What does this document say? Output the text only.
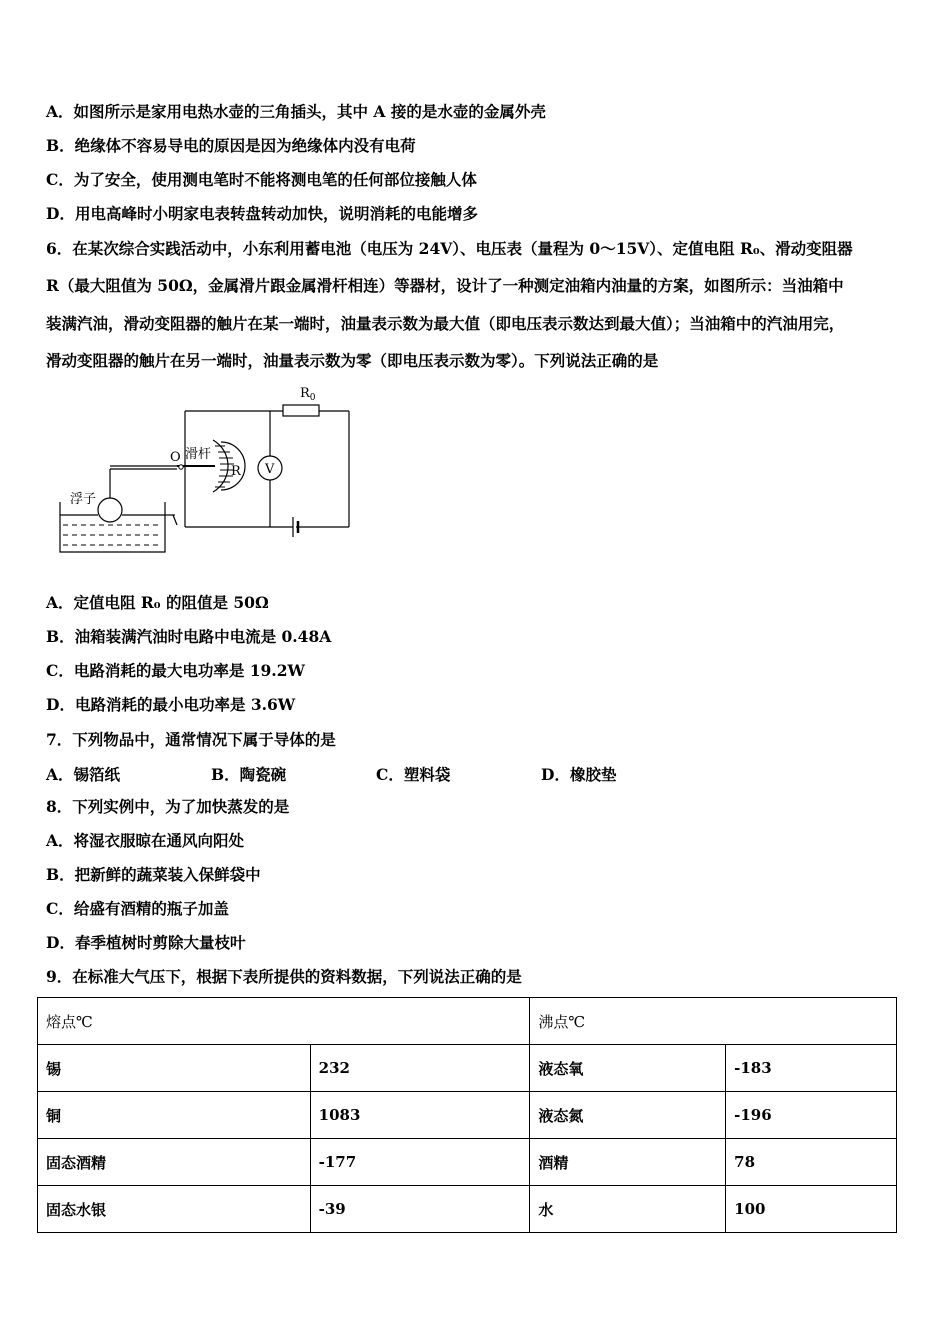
A．如图所示是家用电热水壶的三角插头，其中 A 接的是水壶的金属外壳
B．绝缘体不容易导电的原因是因为绝缘体内没有电荷
C．为了安全，使用测电笔时不能将测电笔的任何部位接触人体
D．用电高峰时小明家电表转盘转动加快，说明消耗的电能增多
6．在某次综合实践活动中，小东利用蓄电池（电压为 24V）、电压表（量程为 0～15V）、定值电阻 R₀、滑动变阻器
R（最大阻值为 50Ω，金属滑片跟金属滑杆相连）等器材，设计了一种测定油箱内油量的方案，如图所示：当油箱中
装满汽油，滑动变阻器的触片在某一端时，油量表示数为最大值（即电压表示数达到最大值）；当油箱中的汽油用完，
滑动变阻器的触片在另一端时，油量表示数为零（即电压表示数为零）。下列说法正确的是
$R_0$
O 滑杆
R V
浮子
A．定值电阻 R₀ 的阻值是 50Ω
B．油箱装满汽油时电路中电流是 0.48A
C．电路消耗的最大电功率是 19.2W
D．电路消耗的最小电功率是 3.6W
7．下列物品中，通常情况下属于导体的是
A．锡箔纸	B．陶瓷碗	C．塑料袋	D．橡胶垫
8．下列实例中，为了加快蒸发的是
A．将湿衣服晾在通风向阳处
B．把新鲜的蔬菜装入保鲜袋中
C．给盛有酒精的瓶子加盖
D．春季植树时剪除大量枝叶
9．在标准大气压下，根据下表所提供的资料数据，下列说法正确的是
熔点℃		沸点℃	
锡	232	液态氧	-183
铜	1083	液态氮	-196
固态酒精	-177	酒精	78
固态水银	-39	水	100
